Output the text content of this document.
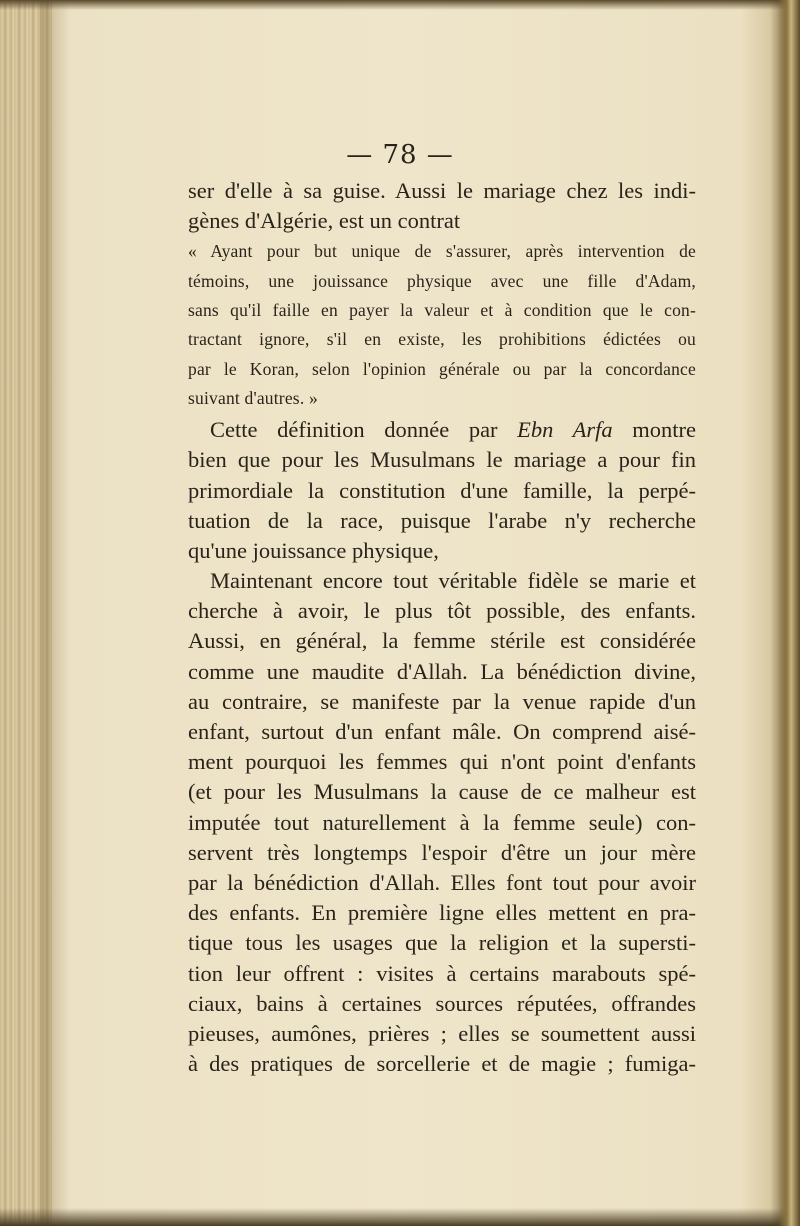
— 78 —
ser d'elle à sa guise. Aussi le mariage chez les indi-
gènes d'Algérie, est un contrat
« Ayant pour but unique de s'assurer, après intervention de
témoins, une jouissance physique avec une fille d'Adam,
sans qu'il faille en payer la valeur et à condition que le con-
tractant ignore, s'il en existe, les prohibitions édictées ou
par le Koran, selon l'opinion générale ou par la concordance
suivant d'autres. »
Cette définition donnée par Ebn Arfa montre
bien que pour les Musulmans le mariage a pour fin
primordiale la constitution d'une famille, la perpé-
tuation de la race, puisque l'arabe n'y recherche
qu'une jouissance physique,
Maintenant encore tout véritable fidèle se marie et
cherche à avoir, le plus tôt possible, des enfants.
Aussi, en général, la femme stérile est considérée
comme une maudite d'Allah. La bénédiction divine,
au contraire, se manifeste par la venue rapide d'un
enfant, surtout d'un enfant mâle. On comprend aisé-
ment pourquoi les femmes qui n'ont point d'enfants
(et pour les Musulmans la cause de ce malheur est
imputée tout naturellement à la femme seule) con-
servent très longtemps l'espoir d'être un jour mère
par la bénédiction d'Allah. Elles font tout pour avoir
des enfants. En première ligne elles mettent en pra-
tique tous les usages que la religion et la supersti-
tion leur offrent : visites à certains marabouts spé-
ciaux, bains à certaines sources réputées, offrandes
pieuses, aumônes, prières ; elles se soumettent aussi
à des pratiques de sorcellerie et de magie ; fumiga-
